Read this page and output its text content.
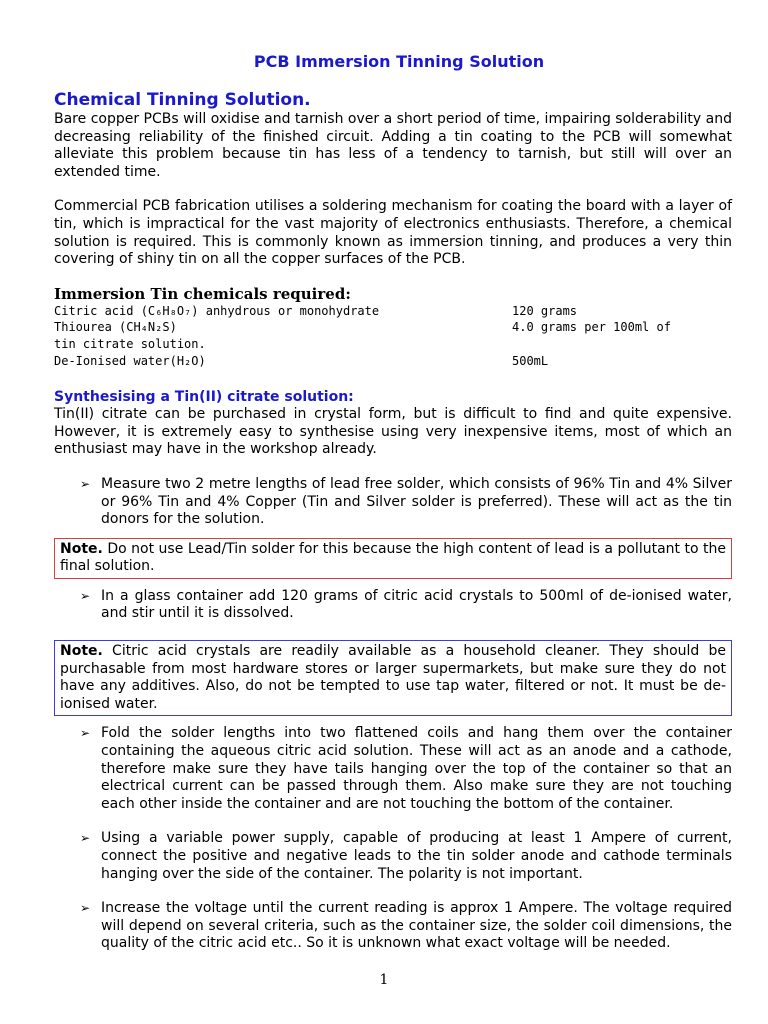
PCB Immersion Tinning Solution
Chemical Tinning Solution.

Bare copper PCBs will oxidise and tarnish over a short period of time, impairing solderability and decreasing reliability of the finished circuit. Adding a tin coating to the PCB will somewhat alleviate this problem because tin has less of a tendency to tarnish, but still will over an extended time.

Commercial PCB fabrication utilises a soldering mechanism for coating the board with a layer of tin, which is impractical for the vast majority of electronics enthusiasts. Therefore, a chemical solution is required. This is commonly known as immersion tinning, and produces a very thin covering of shiny tin on all the copper surfaces of the PCB.

Immersion Tin chemicals required:
Citric acid (C₆H₈O₇) anhydrous or monohydrate	120 grams
Thiourea (CH₄N₂S)	4.0 grams per 100ml of
tin citrate solution.	
De-Ionised water(H₂O)	500mL
Synthesising a Tin(II) citrate solution:

Tin(II) citrate can be purchased in crystal form, but is difficult to find and quite expensive. However, it is extremely easy to synthesise using very inexpensive items, most of which an enthusiast may have in the workshop already.

➢ Measure two 2 metre lengths of lead free solder, which consists of 96% Tin and 4% Silver or 96% Tin and 4% Copper (Tin and Silver solder is preferred). These will act as the tin donors for the solution.
Note. Do not use Lead/Tin solder for this because the high content of lead is a pollutant to the final solution.
➢ In a glass container add 120 grams of citric acid crystals to 500ml of de-ionised water, and stir until it is dissolved.
Note. Citric acid crystals are readily available as a household cleaner. They should be purchasable from most hardware stores or larger supermarkets, but make sure they do not have any additives. Also, do not be tempted to use tap water, filtered or not. It must be de-ionised water.
➢ Fold the solder lengths into two flattened coils and hang them over the container containing the aqueous citric acid solution. These will act as an anode and a cathode, therefore make sure they have tails hanging over the top of the container so that an electrical current can be passed through them. Also make sure they are not touching each other inside the container and are not touching the bottom of the container.
➢ Using a variable power supply, capable of producing at least 1 Ampere of current, connect the positive and negative leads to the tin solder anode and cathode terminals hanging over the side of the container. The polarity is not important.
➢ Increase the voltage until the current reading is approx 1 Ampere. The voltage required will depend on several criteria, such as the container size, the solder coil dimensions, the quality of the citric acid etc.. So it is unknown what exact voltage will be needed.
1
